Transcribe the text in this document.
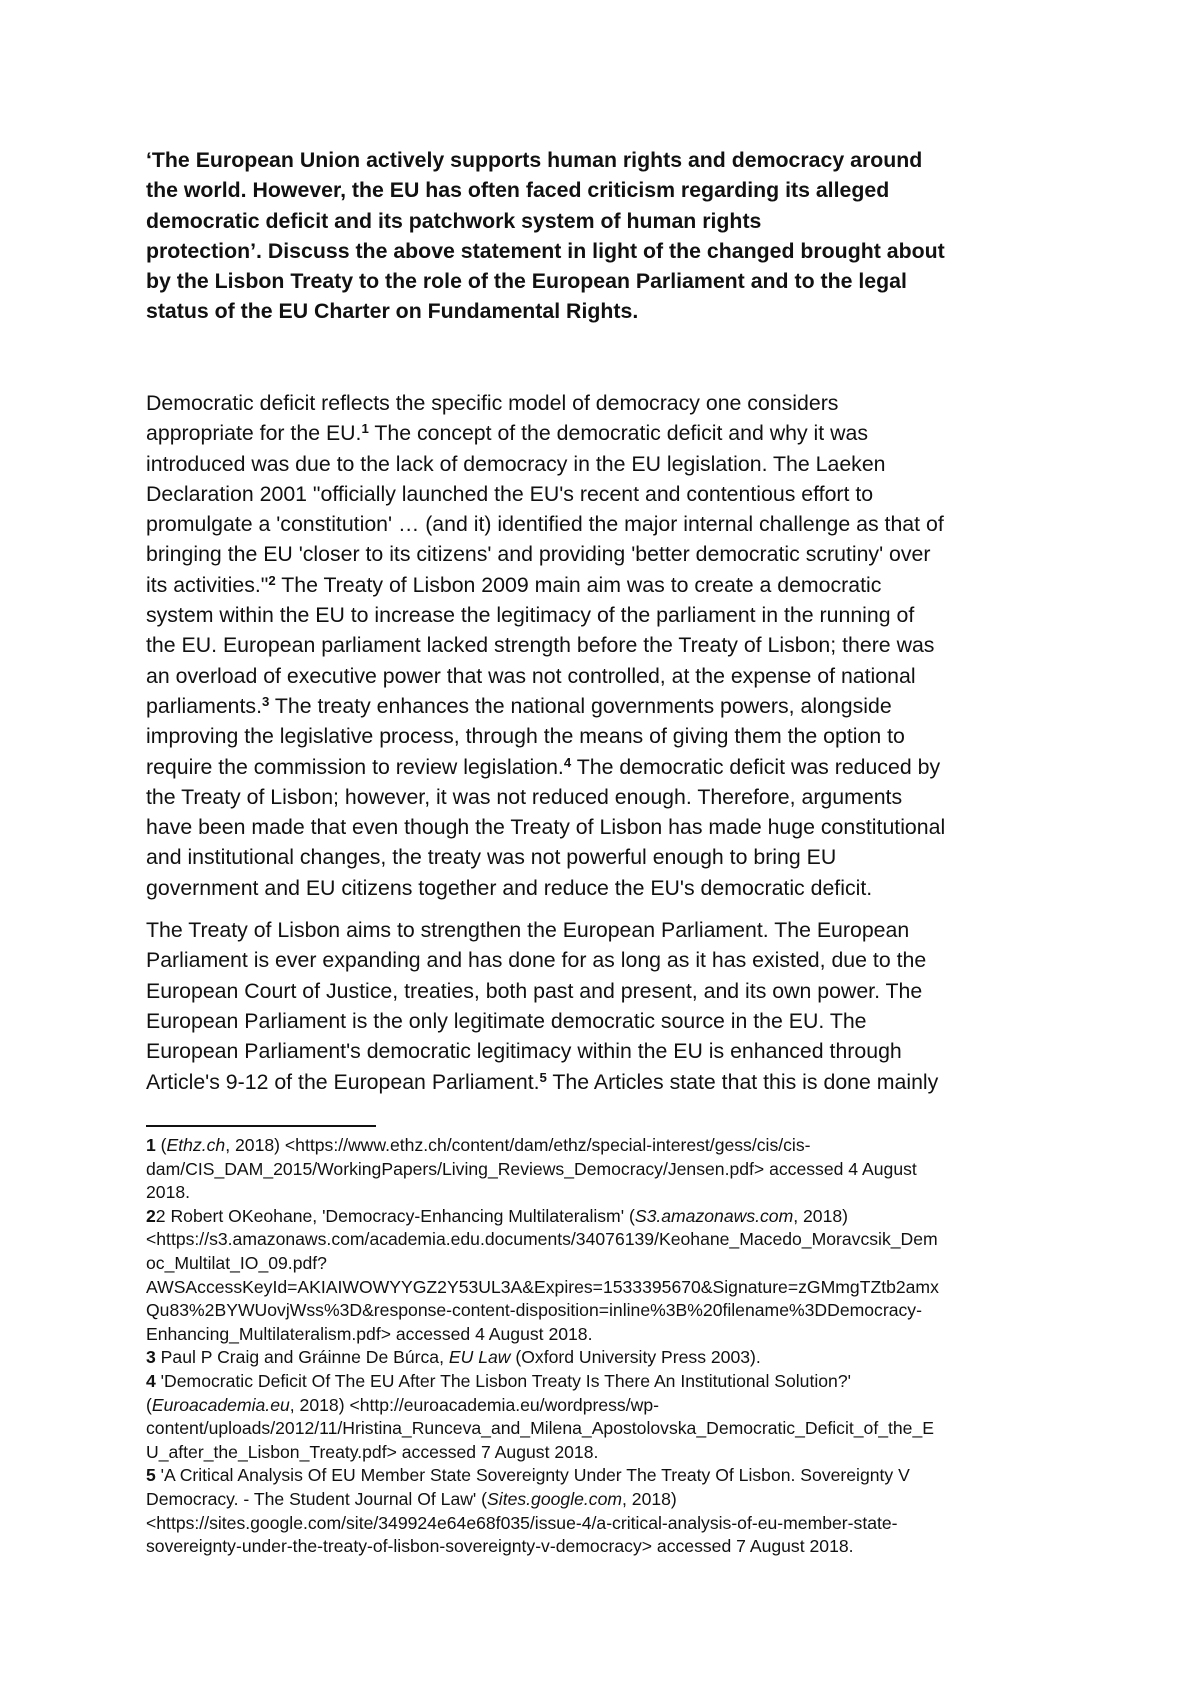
‘The European Union actively supports human rights and democracy around
the world. However, the EU has often faced criticism regarding its alleged
democratic deficit and its patchwork system of human rights
protection’. Discuss the above statement in light of the changed brought about
by the Lisbon Treaty to the role of the European Parliament and to the legal
status of the EU Charter on Fundamental Rights.
Democratic deficit reflects the specific model of democracy one considers
appropriate for the EU.$^1$ The concept of the democratic deficit and why it was
introduced was due to the lack of democracy in the EU legislation. The Laeken
Declaration 2001 "officially launched the EU's recent and contentious effort to
promulgate a 'constitution' … (and it) identified the major internal challenge as that of
bringing the EU 'closer to its citizens' and providing 'better democratic scrutiny' over
its activities."$^2$ The Treaty of Lisbon 2009 main aim was to create a democratic
system within the EU to increase the legitimacy of the parliament in the running of
the EU. European parliament lacked strength before the Treaty of Lisbon; there was
an overload of executive power that was not controlled, at the expense of national
parliaments.$^3$ The treaty enhances the national governments powers, alongside
improving the legislative process, through the means of giving them the option to
require the commission to review legislation.$^4$ The democratic deficit was reduced by
the Treaty of Lisbon; however, it was not reduced enough. Therefore, arguments
have been made that even though the Treaty of Lisbon has made huge constitutional
and institutional changes, the treaty was not powerful enough to bring EU
government and EU citizens together and reduce the EU's democratic deficit.
The Treaty of Lisbon aims to strengthen the European Parliament. The European
Parliament is ever expanding and has done for as long as it has existed, due to the
European Court of Justice, treaties, both past and present, and its own power. The
European Parliament is the only legitimate democratic source in the EU. The
European Parliament's democratic legitimacy within the EU is enhanced through
Article's 9-12 of the European Parliament.$^5$ The Articles state that this is done mainly
1 (Ethz.ch, 2018) <https://www.ethz.ch/content/dam/ethz/special-interest/gess/cis/cis-
dam/CIS_DAM_2015/WorkingPapers/Living_Reviews_Democracy/Jensen.pdf> accessed 4 August
2018.
22 Robert OKeohane, 'Democracy-Enhancing Multilateralism' (S3.amazonaws.com, 2018)
<https://s3.amazonaws.com/academia.edu.documents/34076139/Keohane_Macedo_Moravcsik_Dem
oc_Multilat_IO_09.pdf?
AWSAccessKeyId=AKIAIWOWYYGZ2Y53UL3A&Expires=1533395670&Signature=zGMmgTZtb2amx
Qu83%2BYWUovjWss%3D&response-content-disposition=inline%3B%20filename%3DDemocracy-
Enhancing_Multilateralism.pdf> accessed 4 August 2018.
3 Paul P Craig and Gráinne De Búrca, EU Law (Oxford University Press 2003).
4 'Democratic Deficit Of The EU After The Lisbon Treaty Is There An Institutional Solution?'
(Euroacademia.eu, 2018) <http://euroacademia.eu/wordpress/wp-
content/uploads/2012/11/Hristina_Runceva_and_Milena_Apostolovska_Democratic_Deficit_of_the_E
U_after_the_Lisbon_Treaty.pdf> accessed 7 August 2018.
5 'A Critical Analysis Of EU Member State Sovereignty Under The Treaty Of Lisbon. Sovereignty V
Democracy. - The Student Journal Of Law' (Sites.google.com, 2018)
<https://sites.google.com/site/349924e64e68f035/issue-4/a-critical-analysis-of-eu-member-state-
sovereignty-under-the-treaty-of-lisbon-sovereignty-v-democracy> accessed 7 August 2018.
